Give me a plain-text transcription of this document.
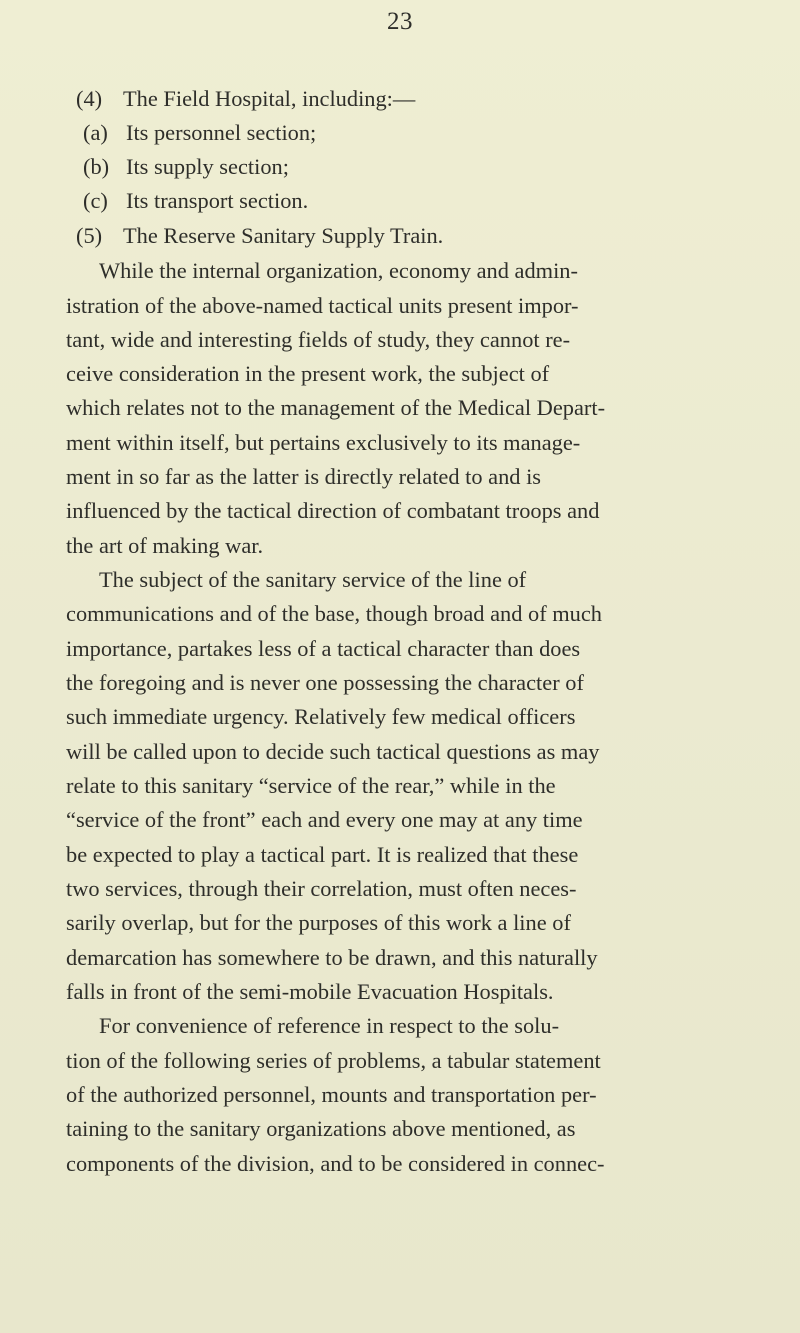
23
(4) The Field Hospital, including:—
(a) Its personnel section;
(b) Its supply section;
(c) Its transport section.
(5) The Reserve Sanitary Supply Train.
While the internal organization, economy and admin-
istration of the above-named tactical units present impor-
tant, wide and interesting fields of study, they cannot re-
ceive consideration in the present work, the subject of
which relates not to the management of the Medical Depart-
ment within itself, but pertains exclusively to its manage-
ment in so far as the latter is directly related to and is
influenced by the tactical direction of combatant troops and
the art of making war.
The subject of the sanitary service of the line of
communications and of the base, though broad and of much
importance, partakes less of a tactical character than does
the foregoing and is never one possessing the character of
such immediate urgency. Relatively few medical officers
will be called upon to decide such tactical questions as may
relate to this sanitary “service of the rear,” while in the
“service of the front” each and every one may at any time
be expected to play a tactical part. It is realized that these
two services, through their correlation, must often neces-
sarily overlap, but for the purposes of this work a line of
demarcation has somewhere to be drawn, and this naturally
falls in front of the semi-mobile Evacuation Hospitals.
For convenience of reference in respect to the solu-
tion of the following series of problems, a tabular statement
of the authorized personnel, mounts and transportation per-
taining to the sanitary organizations above mentioned, as
components of the division, and to be considered in connec-
